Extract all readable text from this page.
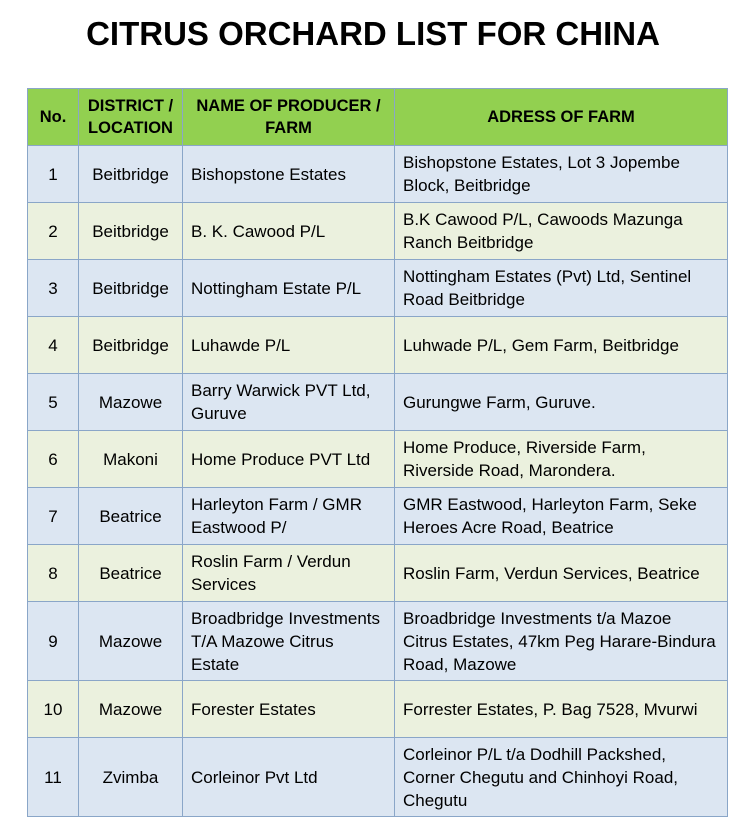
CITRUS ORCHARD LIST FOR CHINA
No.	DISTRICT / LOCATION	NAME OF PRODUCER / FARM	ADRESS OF FARM
1	Beitbridge	Bishopstone Estates	Bishopstone Estates, Lot 3 Jopembe Block, Beitbridge
2	Beitbridge	B. K. Cawood P/L	B.K Cawood P/L, Cawoods Mazunga Ranch Beitbridge
3	Beitbridge	Nottingham Estate P/L	Nottingham Estates (Pvt) Ltd, Sentinel Road Beitbridge
4	Beitbridge	Luhawde P/L	Luhwade P/L, Gem Farm, Beitbridge
5	Mazowe	Barry Warwick PVT Ltd, Guruve	Gurungwe Farm, Guruve.
6	Makoni	Home Produce PVT Ltd	Home Produce, Riverside Farm, Riverside Road, Marondera.
7	Beatrice	Harleyton Farm / GMR Eastwood P/	GMR Eastwood, Harleyton Farm, Seke Heroes Acre Road, Beatrice
8	Beatrice	Roslin Farm / Verdun Services	Roslin Farm, Verdun Services, Beatrice
9	Mazowe	Broadbridge Investments T/A Mazowe Citrus Estate	Broadbridge Investments t/a Mazoe Citrus Estates, 47km Peg Harare-Bindura Road, Mazowe
10	Mazowe	Forester Estates	Forrester Estates, P. Bag 7528, Mvurwi
11	Zvimba	Corleinor Pvt Ltd	Corleinor P/L t/a Dodhill Packshed, Corner Chegutu and Chinhoyi Road, Chegutu
